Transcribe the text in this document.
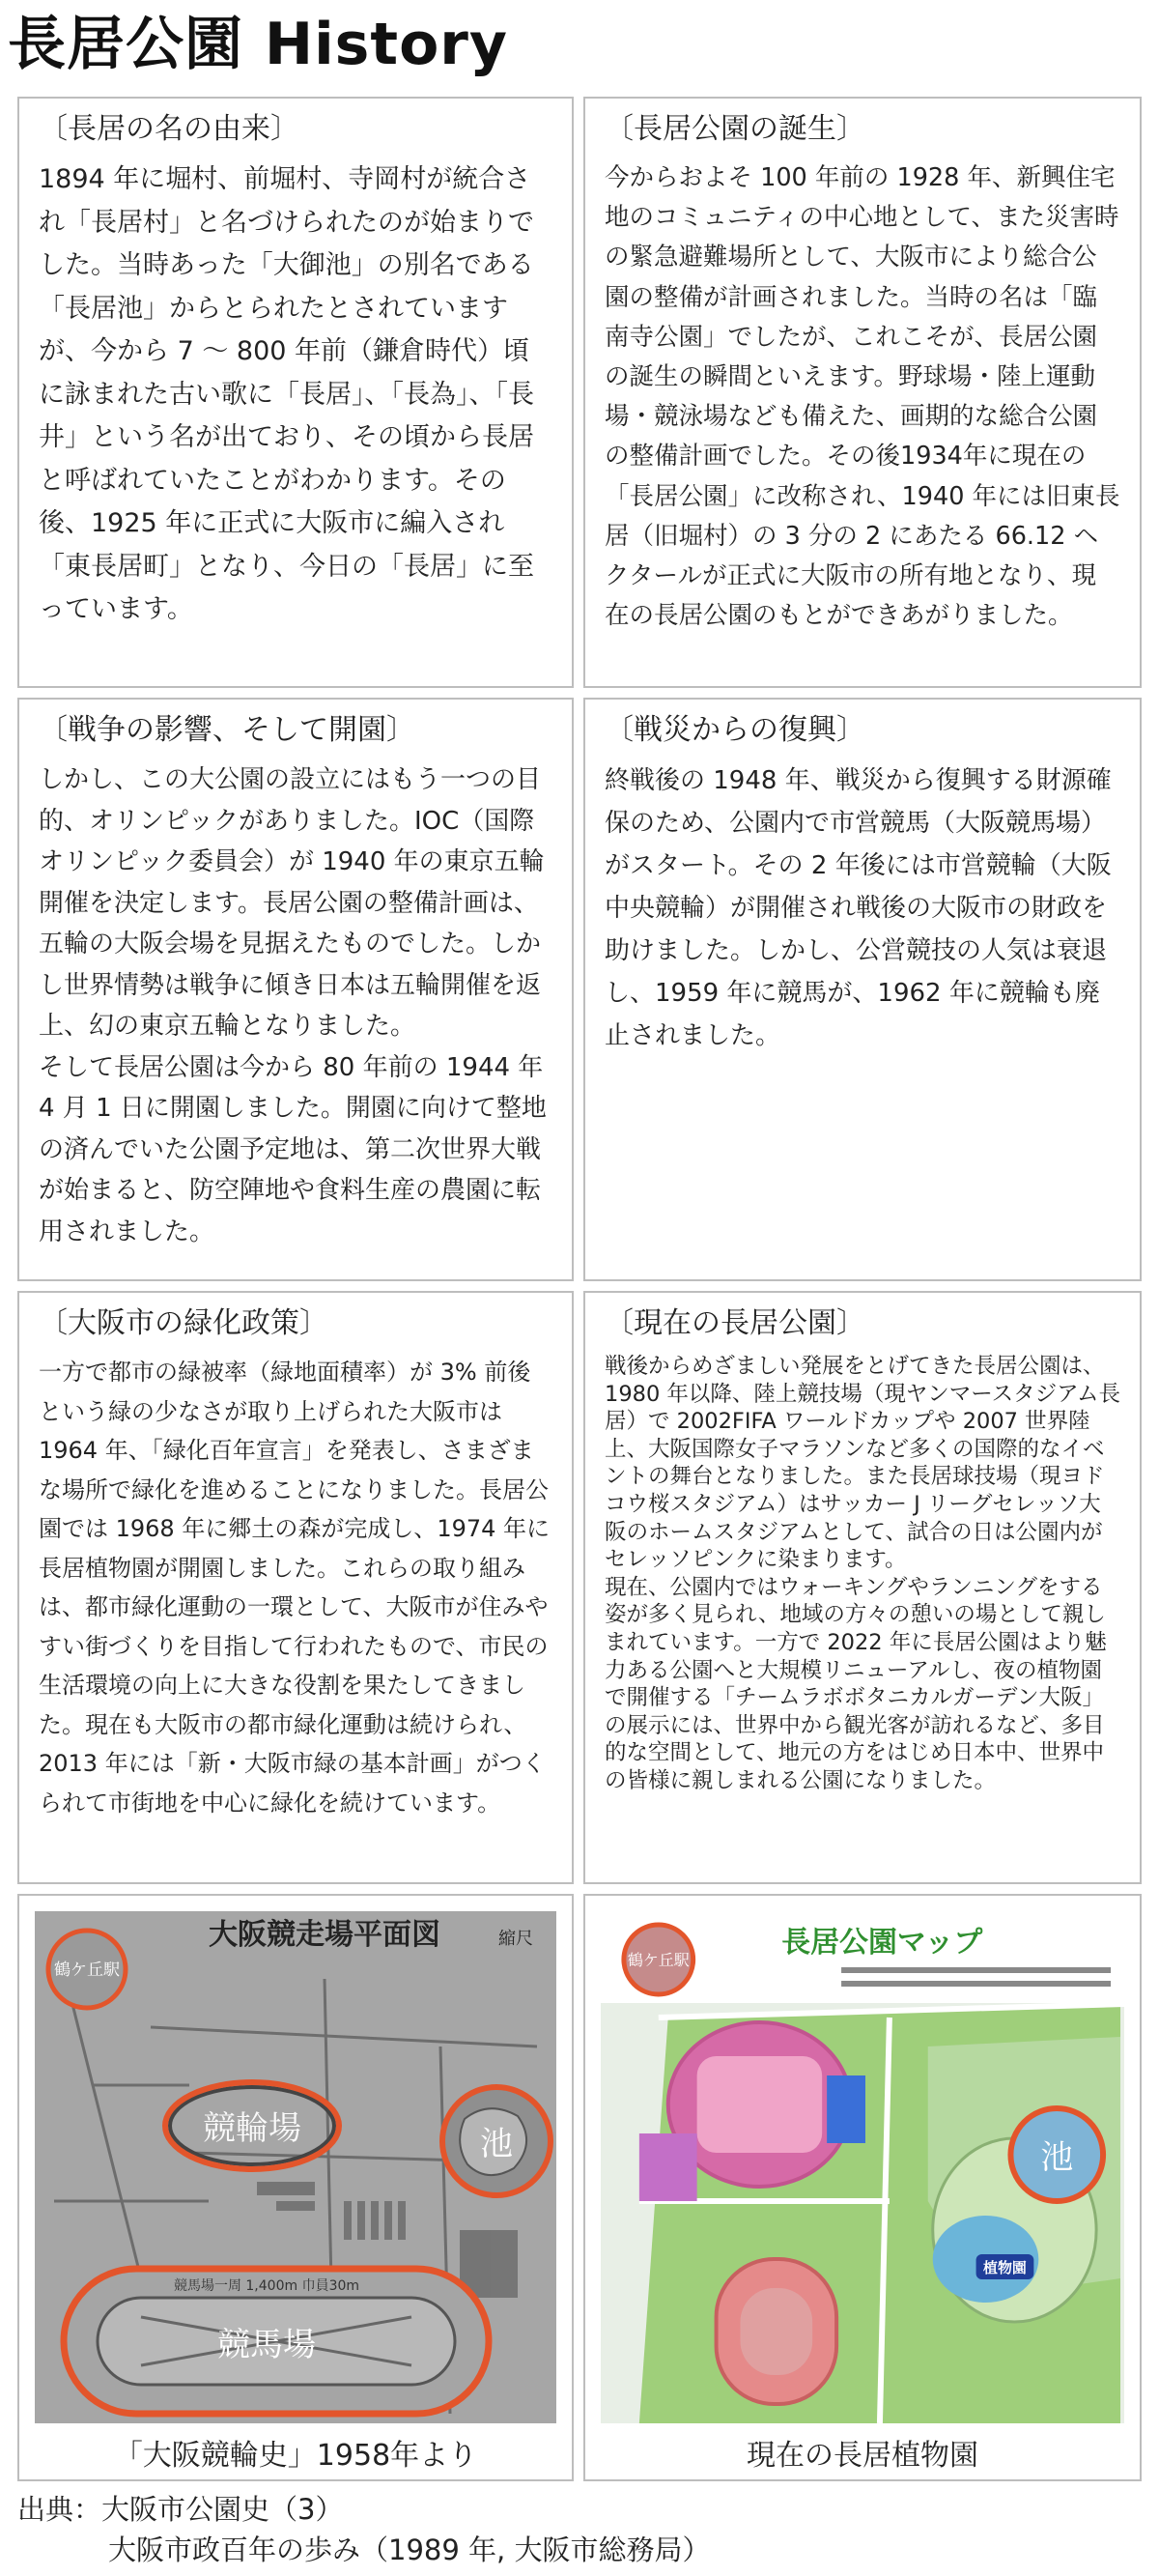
長居公園 History
〔長居の名の由来〕

1894 年に堀村、前堀村、寺岡村が統合され「長居村」と名づけられたのが始まりでした。当時あった「大御池」の別名である「長居池」からとられたとされていますが、今から 7 〜 800 年前（鎌倉時代）頃に詠まれた古い歌に「長居」、「長為」、「長井」という名が出ており、その頃から長居と呼ばれていたことがわかります。その後、1925 年に正式に大阪市に編入され「東長居町」となり、今日の「長居」に至っています。

〔長居公園の誕生〕

今からおよそ 100 年前の 1928 年、新興住宅地のコミュニティの中心地として、また災害時の緊急避難場所として、大阪市により総合公園の整備が計画されました。当時の名は「臨南寺公園」でしたが、これこそが、長居公園の誕生の瞬間といえます。野球場・陸上運動場・競泳場なども備えた、画期的な総合公園の整備計画でした。その後1934年に現在の「長居公園」に改称され、1940 年には旧東長居（旧堀村）の 3 分の 2 にあたる 66.12 ヘクタールが正式に大阪市の所有地となり、現在の長居公園のもとができあがりました。

〔戦争の影響、そして開園〕

しかし、この大公園の設立にはもう一つの目的、オリンピックがありました。IOC（国際オリンピック委員会）が 1940 年の東京五輪開催を決定します。長居公園の整備計画は、五輪の大阪会場を見据えたものでした。しかし世界情勢は戦争に傾き日本は五輪開催を返上、幻の東京五輪となりました。

そして長居公園は今から 80 年前の 1944 年 4 月 1 日に開園しました。開園に向けて整地の済んでいた公園予定地は、第二次世界大戦が始まると、防空陣地や食料生産の農園に転用されました。

〔戦災からの復興〕

終戦後の 1948 年、戦災から復興する財源確保のため、公園内で市営競馬（大阪競馬場）がスタート。その 2 年後には市営競輪（大阪中央競輪）が開催され戦後の大阪市の財政を助けました。しかし、公営競技の人気は衰退し、1959 年に競馬が、1962 年に競輪も廃止されました。

〔大阪市の緑化政策〕

一方で都市の緑被率（緑地面積率）が 3% 前後という緑の少なさが取り上げられた大阪市は 1964 年、「緑化百年宣言」を発表し、さまざまな場所で緑化を進めることになりました。長居公園では 1968 年に郷土の森が完成し、1974 年に長居植物園が開園しました。これらの取り組みは、都市緑化運動の一環として、大阪市が住みやすい街づくりを目指して行われたもので、市民の生活環境の向上に大きな役割を果たしてきました。現在も大阪市の都市緑化運動は続けられ、2013 年には「新・大阪市緑の基本計画」がつくられて市街地を中心に緑化を続けています。

〔現在の長居公園〕

戦後からめざましい発展をとげてきた長居公園は、1980 年以降、陸上競技場（現ヤンマースタジアム長居）で 2002FIFA ワールドカップや 2007 世界陸上、大阪国際女子マラソンなど多くの国際的なイベントの舞台となりました。また長居球技場（現ヨドコウ桜スタジアム）はサッカー J リーグセレッソ大阪のホームスタジアムとして、試合の日は公園内がセレッソピンクに染まります。

現在、公園内ではウォーキングやランニングをする姿が多く見られ、地域の方々の憩いの場として親しまれています。一方で 2022 年に長居公園はより魅力ある公園へと大規模リニューアルし、夜の植物園で開催する「チームラボボタニカルガーデン大阪」の展示には、世界中から観光客が訪れるなど、多目的な空間として、地元の方をはじめ日本中、世界中の皆様に親しまれる公園になりました。

大阪競走場平面図	縮尺
競輪場	池
競馬場一周 1,400m 巾員30m
競馬場
鶴ケ丘駅
「大阪競輪史」1958年より
植物園
池
長居公園マップ
鶴ケ丘駅
現在の長居植物園
出典：大阪市公園史（3）
大阪市政百年の歩み（1989 年, 大阪市総務局）
